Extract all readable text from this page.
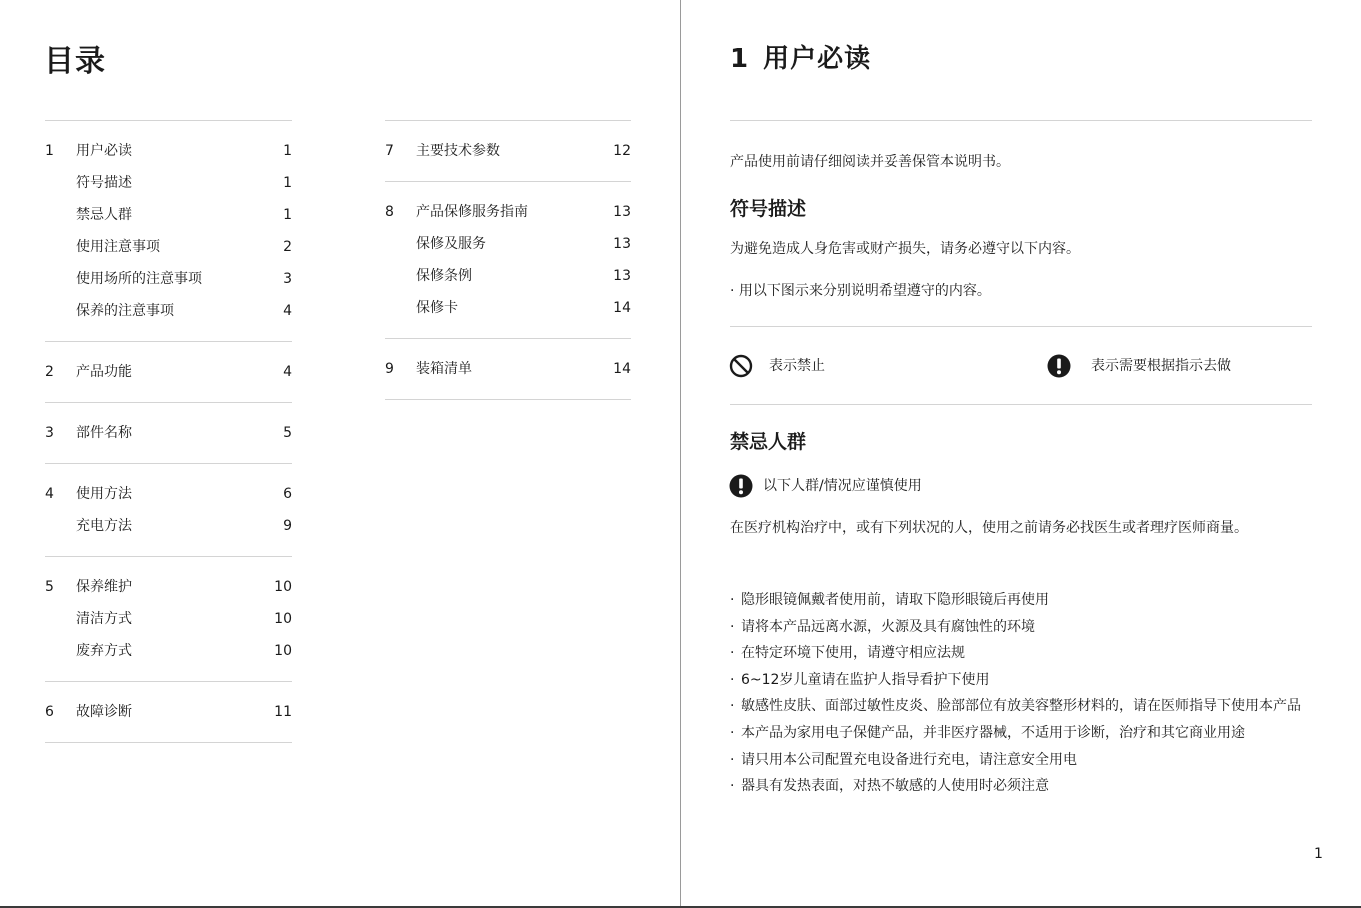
目录
1 用户必读	1
符号描述	1
禁忌人群	1
使用注意事项	2
使用场所的注意事项	3
保养的注意事项	4
2 产品功能	4
3 部件名称	5
4 使用方法	6
充电方法	9
5 保养维护	10
清洁方式	10
废弃方式	10
6 故障诊断	11
7 主要技术参数	12
8 产品保修服务指南	13
保修及服务	13
保修条例	13
保修卡	14
9 装箱清单	14
1 用户必读

产品使用前请仔细阅读并妥善保管本说明书。

符号描述

为避免造成人身危害或财产损失，请务必遵守以下内容。

· 用以下图示来分别说明希望遵守的内容。

表示禁止	表示需要根据指示去做
禁忌人群
以下人群/情况应谨慎使用

在医疗机构治疗中，或有下列状况的人，使用之前请务必找医生或者理疗医师商量。

· 隐形眼镜佩戴者使用前，请取下隐形眼镜后再使用
· 请将本产品远离水源，火源及具有腐蚀性的环境
· 在特定环境下使用，请遵守相应法规
· 6~12岁儿童请在监护人指导看护下使用
· 敏感性皮肤、面部过敏性皮炎、脸部部位有放美容整形材料的，请在医师指导下使用本产品
· 本产品为家用电子保健产品，并非医疗器械，不适用于诊断，治疗和其它商业用途
· 请只用本公司配置充电设备进行充电，请注意安全用电
· 器具有发热表面，对热不敏感的人使用时必须注意
1
